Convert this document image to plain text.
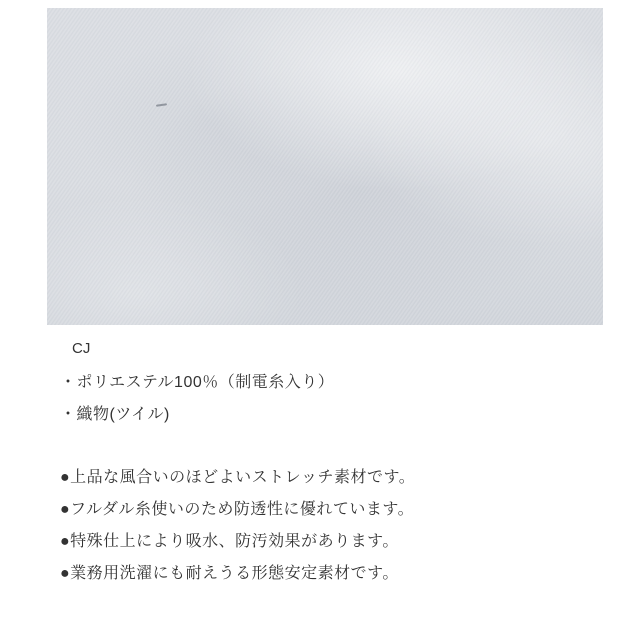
CJ
・ポリエステル100％（制電糸入り）
・織物(ツイル)
●上品な風合いのほどよいストレッチ素材です。
●フルダル糸使いのため防透性に優れています。
●特殊仕上により吸水、防汚効果があります。
●業務用洗濯にも耐えうる形態安定素材です。
